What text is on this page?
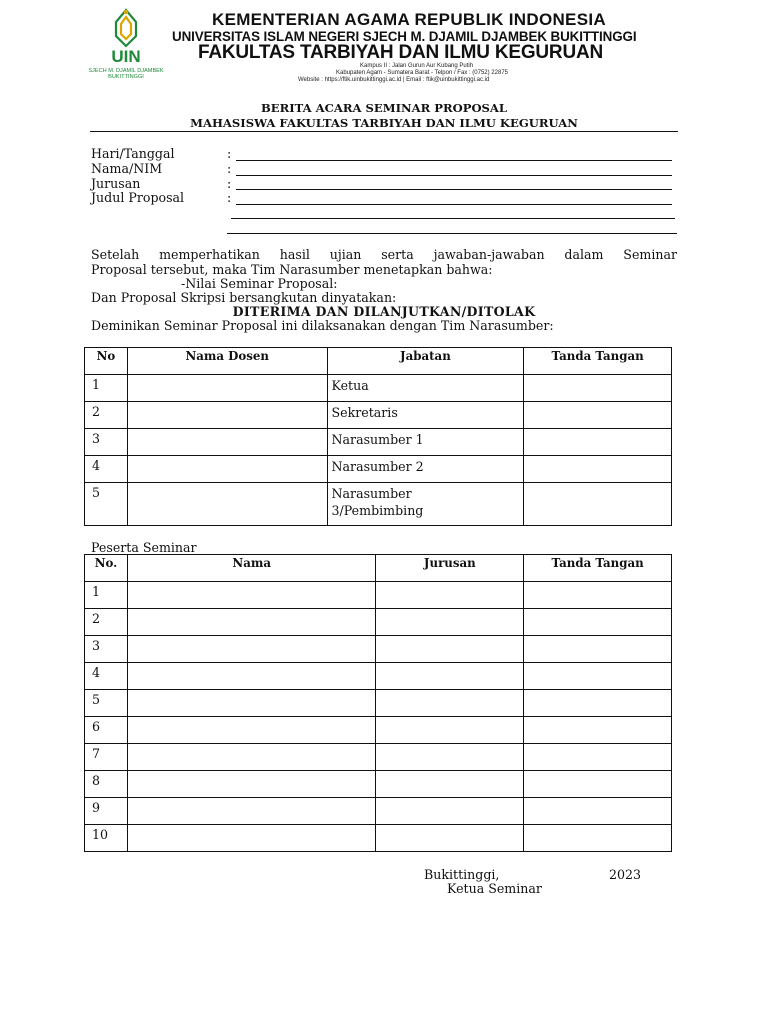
UIN
SJECH M. DJAMIL DJAMBEK
BUKITTINGGI
KEMENTERIAN AGAMA REPUBLIK INDONESIA
UNIVERSITAS ISLAM NEGERI SJECH M. DJAMIL DJAMBEK BUKITTINGGI
FAKULTAS TARBIYAH DAN ILMU KEGURUAN
Kampus II : Jalan Gurun Aur Kubang Putih
Kabupaten Agam - Sumatera Barat - Telpon / Fax : (0752) 22875
Website : https://ftik.uinbukittinggi.ac.id | Email : ftik@uinbukittinggi.ac.id
BERITA ACARA SEMINAR PROPOSAL
MAHASISWA FAKULTAS TARBIYAH DAN ILMU KEGURUAN
Hari/Tanggal	:
Nama/NIM	:
Jurusan	:
Judul Proposal	:
Setelah memperhatikan hasil ujian serta jawaban-jawaban dalam Seminar
Proposal tersebut, maka Tim Narasumber menetapkan bahwa:
-Nilai Seminar Proposal:
Dan Proposal Skripsi bersangkutan dinyatakan:
DITERIMA DAN DILANJUTKAN/DITOLAK
Deminikan Seminar Proposal ini dilaksanakan dengan Tim Narasumber:
No	Nama Dosen	Jabatan	Tanda Tangan
1		Ketua	
2		Sekretaris	
3		Narasumber 1	
4		Narasumber 2	
5		Narasumber
3/Pembimbing	

Peserta Seminar
No.	Nama	Jurusan	Tanda Tangan
1			
2			
3			
4			
5			
6			
7			
8			
9			
10			
Bukittinggi,	2023
Ketua Seminar
